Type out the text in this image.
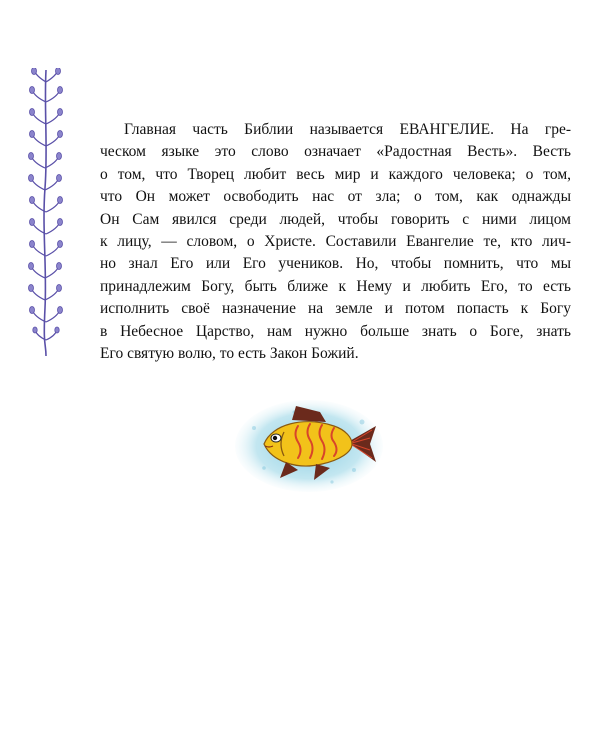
Главная часть Библии называется ЕВАНГЕЛИЕ. На гре-
ческом языке это слово означает «Радостная Весть». Весть
о том, что Творец любит весь мир и каждого человека; о том,
что Он может освободить нас от зла; о том, как однажды
Он Сам явился среди людей, чтобы говорить с ними лицом
к лицу, — словом, о Христе. Составили Евангелие те, кто лич-
но знал Его или Его учеников. Но, чтобы помнить, что мы
принадлежим Богу, быть ближе к Нему и любить Его, то есть
исполнить своё назначение на земле и потом попасть к Богу
в Небесное Царство, нам нужно больше знать о Боге, знать
Его святую волю, то есть Закон Божий.
